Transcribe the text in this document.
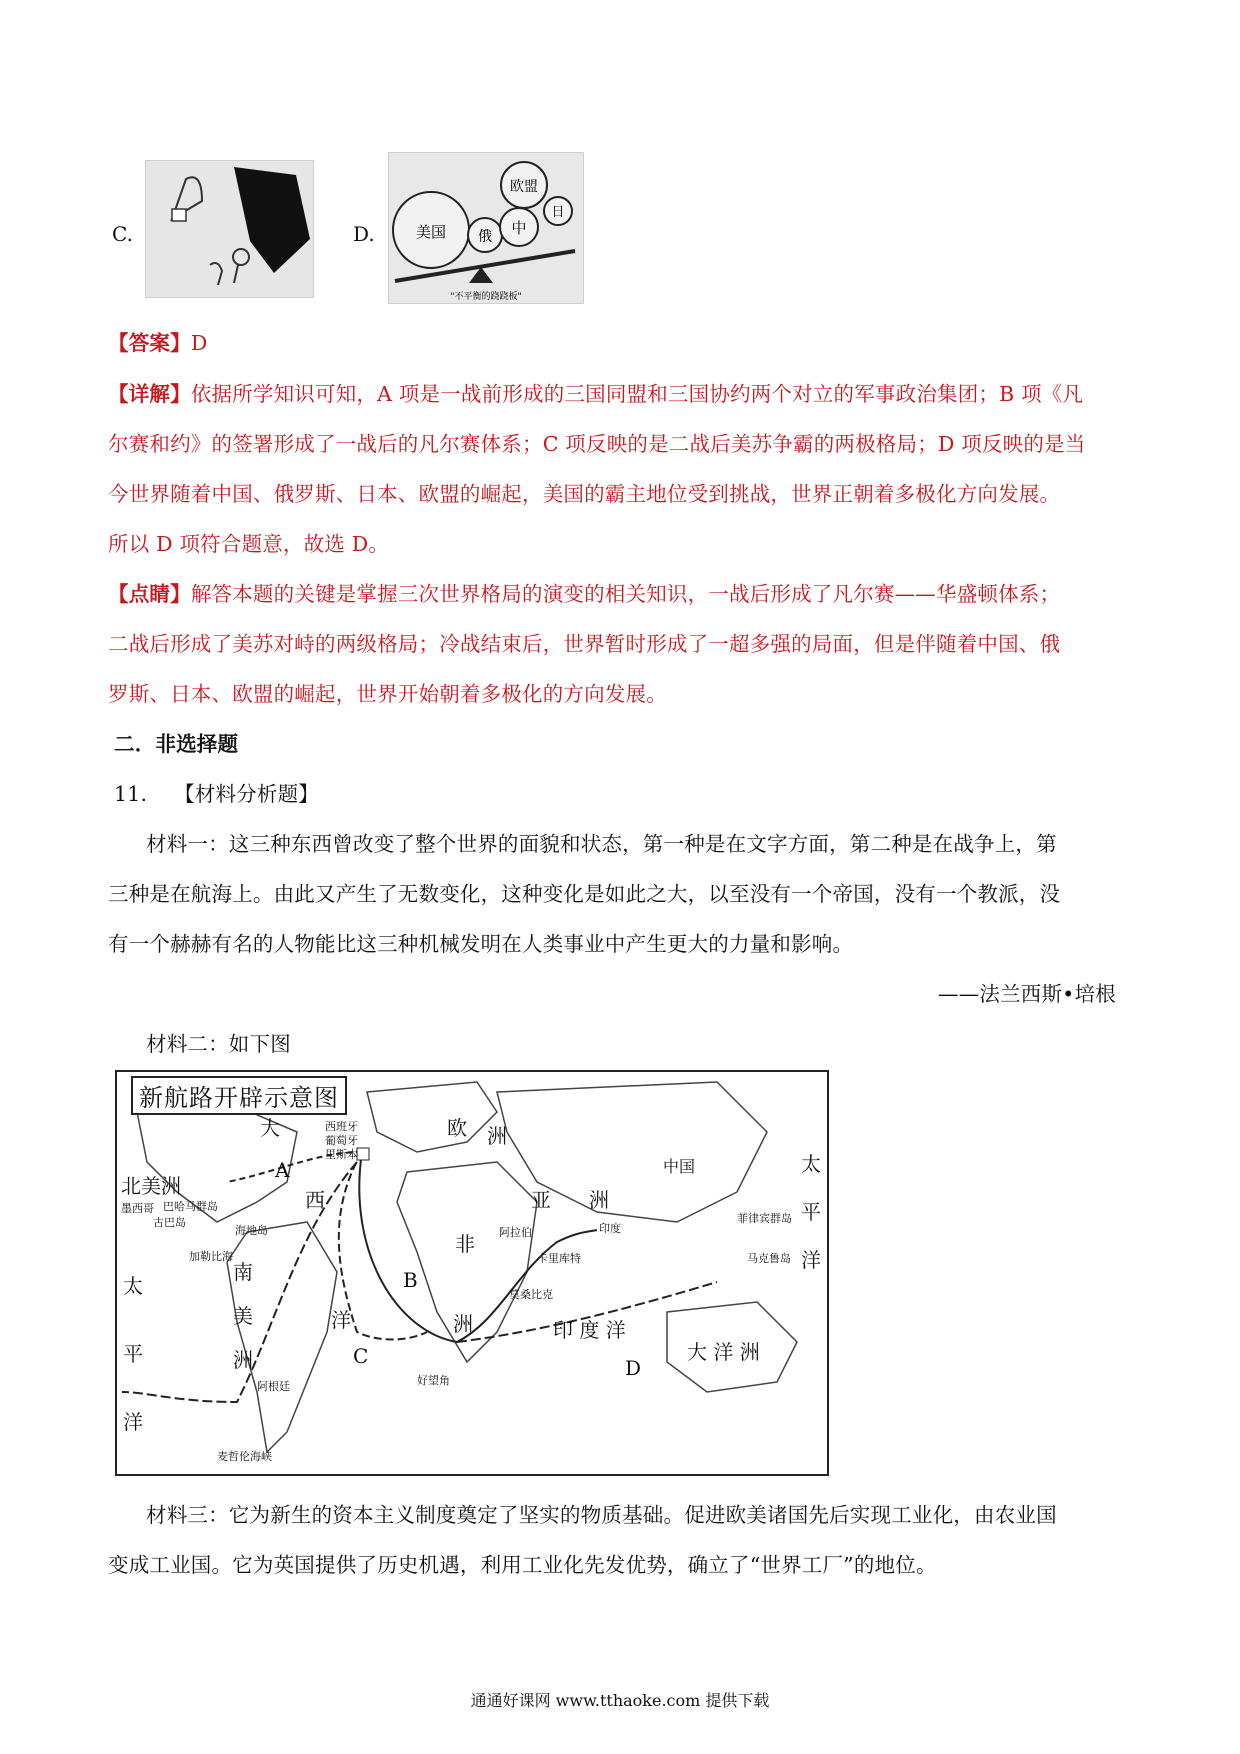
C.	D.	美国 俄 中
欧盟
日
"不平衡的跷跷板"
【答案】D
【详解】依据所学知识可知，A 项是一战前形成的三国同盟和三国协约两个对立的军事政治集团；B 项《凡
尔赛和约》的签署形成了一战后的凡尔赛体系；C 项反映的是二战后美苏争霸的两极格局；D 项反映的是当
今世界随着中国、俄罗斯、日本、欧盟的崛起，美国的霸主地位受到挑战，世界正朝着多极化方向发展。
所以 D 项符合题意，故选 D。
【点睛】解答本题的关键是掌握三次世界格局的演变的相关知识，一战后形成了凡尔赛——华盛顿体系；
二战后形成了美苏对峙的两级格局；冷战结束后，世界暂时形成了一超多强的局面，但是伴随着中国、俄
罗斯、日本、欧盟的崛起，世界开始朝着多极化的方向发展。
二．非选择题
11. 【材料分析题】
材料一：这三种东西曾改变了整个世界的面貌和状态，第一种是在文字方面，第二种是在战争上，第
三种是在航海上。由此又产生了无数变化，这种变化是如此之大，以至没有一个帝国，没有一个教派，没
有一个赫赫有名的人物能比这三种机械发明在人类事业中产生更大的力量和影响。
——法兰西斯•培根
材料二：如下图
新航路开辟示意图
北美洲
欧 洲
亚 洲
中国
非
洲
南
美
洲
大
西
洋	印 度 洋
太
平
洋
太
平
洋
大 洋 洲
西班牙
葡萄牙
里斯本
墨西哥 巴哈马群岛
古巴岛
海地岛
加勒比海
阿拉伯	印度
卡里库特
莫桑比克
好望角
菲律宾群岛
马克鲁岛
阿根廷
麦哲伦海峡
A
B
C	D
材料三：它为新生的资本主义制度奠定了坚实的物质基础。促进欧美诸国先后实现工业化，由农业国
变成工业国。它为英国提供了历史机遇，利用工业化先发优势，确立了“世界工厂”的地位。
通通好课网 www.tthaoke.com 提供下载
